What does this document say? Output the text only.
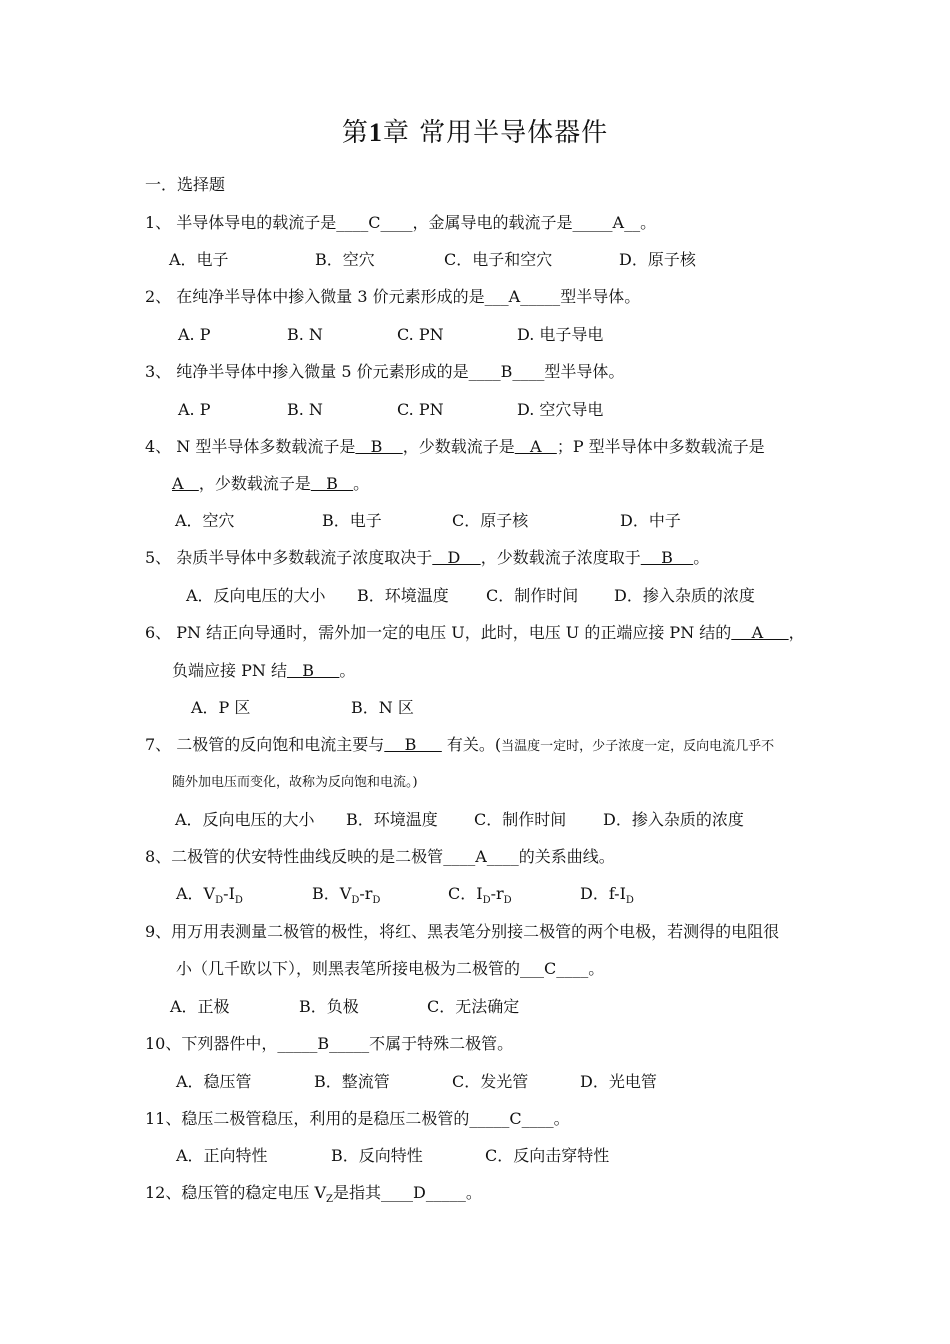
第1章 常用半导体器件
一．选择题
1、 半导体导电的载流子是____C____，金属导电的载流子是_____A__。
A．电子	B．空穴	C．电子和空穴	D．原子核
2、 在纯净半导体中掺入微量 3 价元素形成的是___A_____型半导体。
A. P	B. N	C. PN	D. 电子导电
3、 纯净半导体中掺入微量 5 价元素形成的是____B____型半导体。
A. P	B. N	C. PN	D. 空穴导电
4、 N 型半导体多数载流子是   B    ，少数载流子是   A   ；P 型半导体中多数载流子是
A   ，少数载流子是   B   。
A．空穴	B．电子	C．原子核	D．中子
5、 杂质半导体中多数载流子浓度取决于   D    ，少数载流子浓度取于    B    。
A．反向电压的大小 B．环境温度 C．制作时间 D．掺入杂质的浓度
6、 PN 结正向导通时，需外加一定的电压 U，此时，电压 U 的正端应接 PN 结的    A     ，
负端应接 PN 结   B     。
A．P 区	B．N 区
7、 二极管的反向饱和电流主要与    B      有关。(当温度一定时，少子浓度一定，反向电流几乎不
随外加电压而变化，故称为反向饱和电流。)
A．反向电压的大小 B．环境温度 C．制作时间 D．掺入杂质的浓度
8、二极管的伏安特性曲线反映的是二极管____A____的关系曲线。
A．$V_D-I_D$	B．$V_D-r_D$	C．$I_D-r_D$	D．$f-I_D$
9、用万用表测量二极管的极性，将红、黑表笔分别接二极管的两个电极，若测得的电阻很
小（几千欧以下），则黑表笔所接电极为二极管的___C____。
A．正极	B．负极	C．无法确定
10、下列器件中，_____B_____不属于特殊二极管。
A．稳压管	B．整流管	C．发光管	D．光电管
11、稳压二极管稳压，利用的是稳压二极管的_____C____。
A．正向特性	B．反向特性	C．反向击穿特性
12、稳压管的稳定电压 $V_Z$是指其____D_____。
